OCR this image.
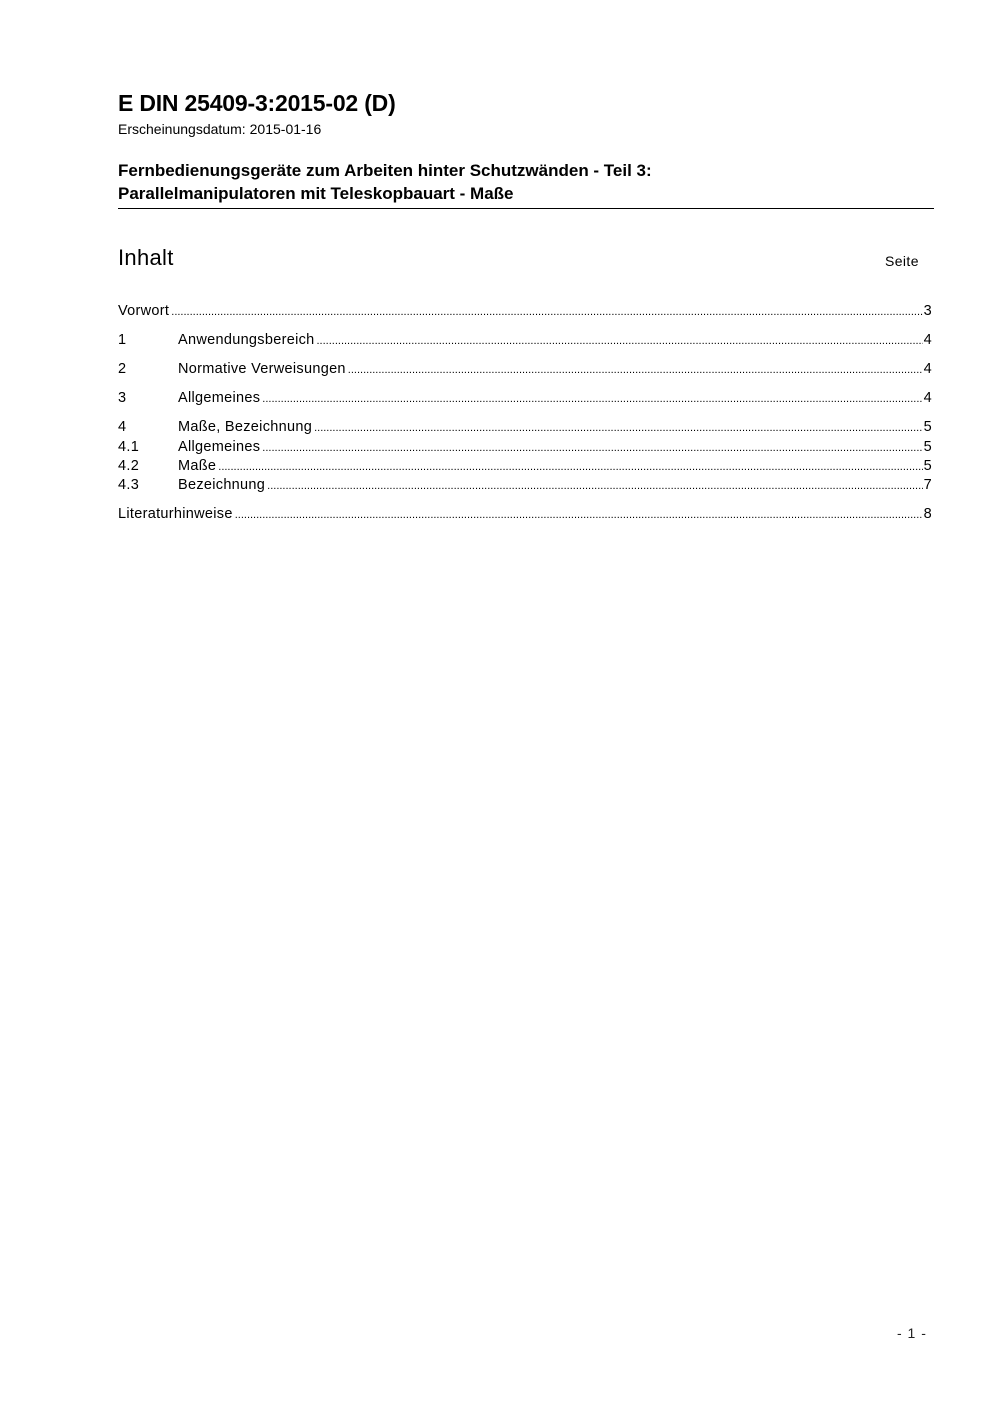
E DIN 25409-3:2015-02 (D)
Erscheinungsdatum: 2015-01-16
Fernbedienungsgeräte zum Arbeiten hinter Schutzwänden - Teil 3:
Parallelmanipulatoren mit Teleskopbauart - Maße
Inhalt	Seite
Vorwort .....	3
1	Anwendungsbereich .....	4
2	Normative Verweisungen .....	4
3	Allgemeines .....	4
4	Maße, Bezeichnung .....	5
4.1	Allgemeines .....	5
4.2	Maße .....	5
4.3	Bezeichnung .....	7
Literaturhinweise .....	8
- 1 -
